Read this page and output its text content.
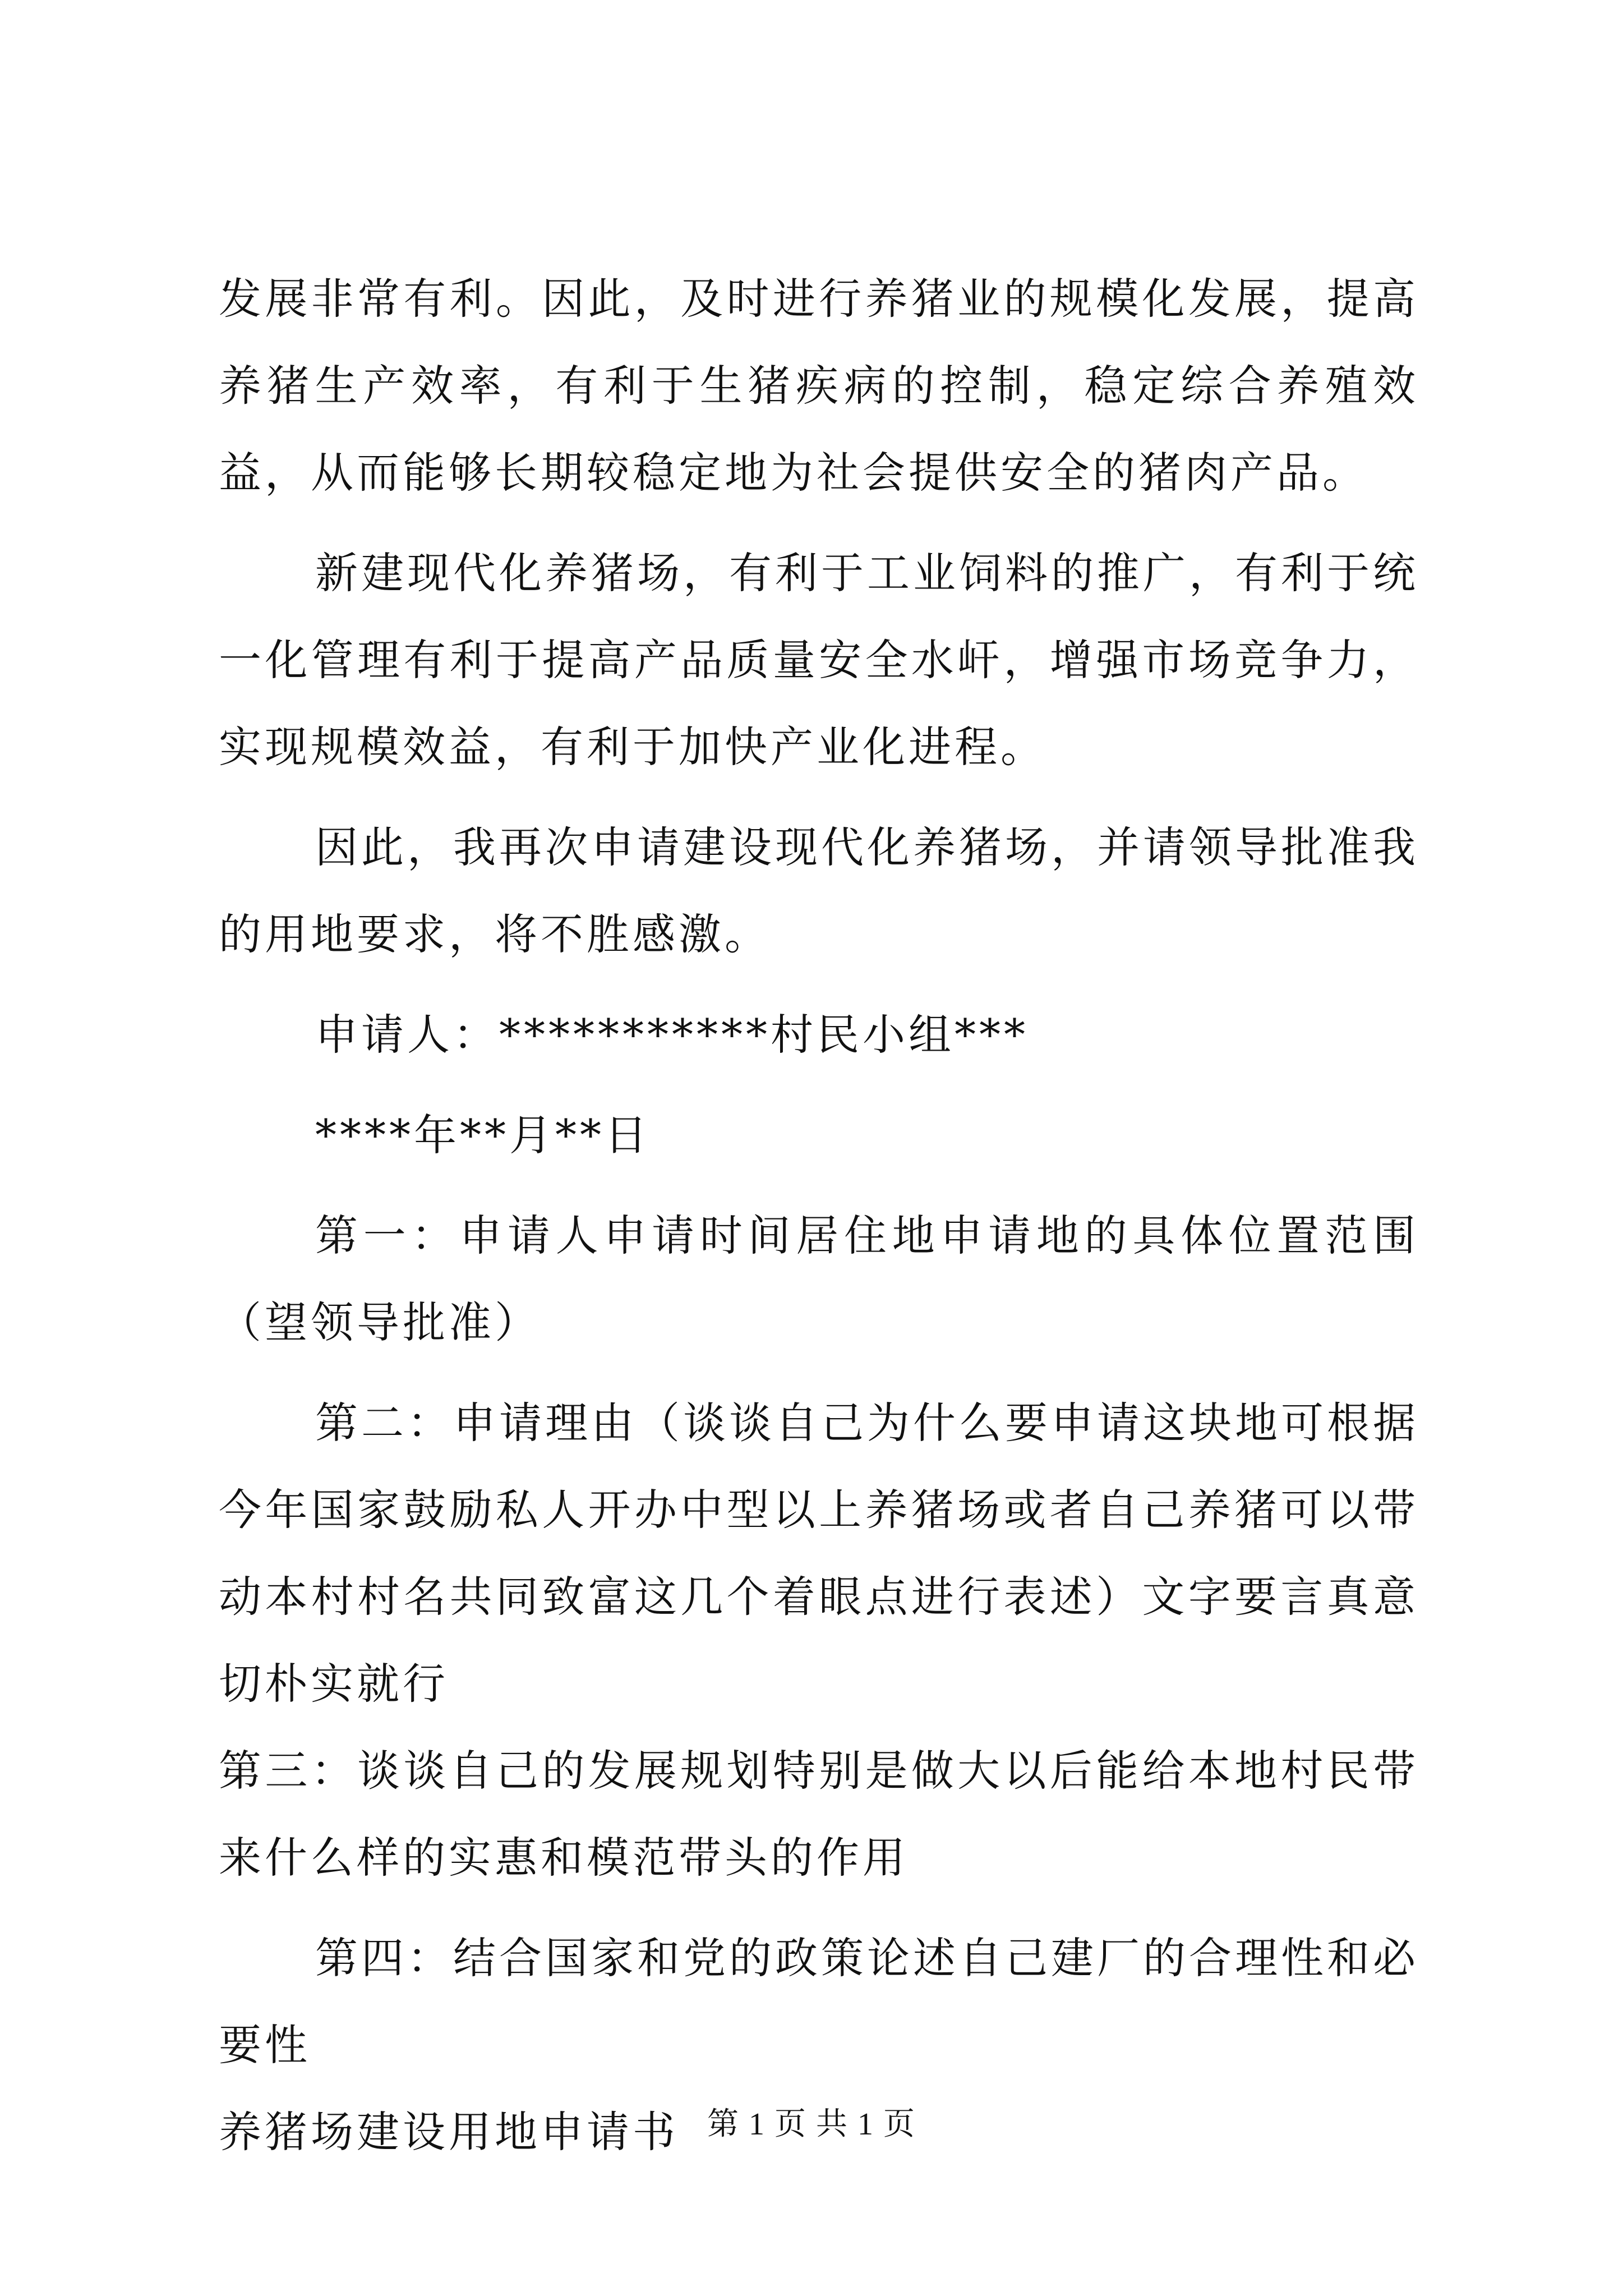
发展非常有利。因此，及时进行养猪业的规模化发展，提高养猪生产效率，有利于生猪疾病的控制，稳定综合养殖效益，从而能够长期较稳定地为社会提供安全的猪肉产品。

新建现代化养猪场，有利于工业饲料的推广，有利于统一化管理有利于提高产品质量安全水屽，增强市场竞争力，实现规模效益，有利于加快产业化进程。

因此，我再次申请建设现代化养猪场，并请领导批准我的用地要求，将不胜感激。

申请人：***********村民小组***

****年**月**日

第一：申请人申请时间居住地申请地的具体位置范围（望领导批准）

第二：申请理由（谈谈自己为什么要申请这块地可根据今年国家鼓励私人开办中型以上养猪场或者自己养猪可以带动本村村名共同致富这几个着眼点进行表述）文字要言真意切朴实就行

第三：谈谈自己的发展规划特别是做大以后能给本地村民带来什么样的实惠和模范带头的作用

第四：结合国家和党的政策论述自己建厂的合理性和必要性

养猪场建设用地申请书 第 1 页 共 1 页
